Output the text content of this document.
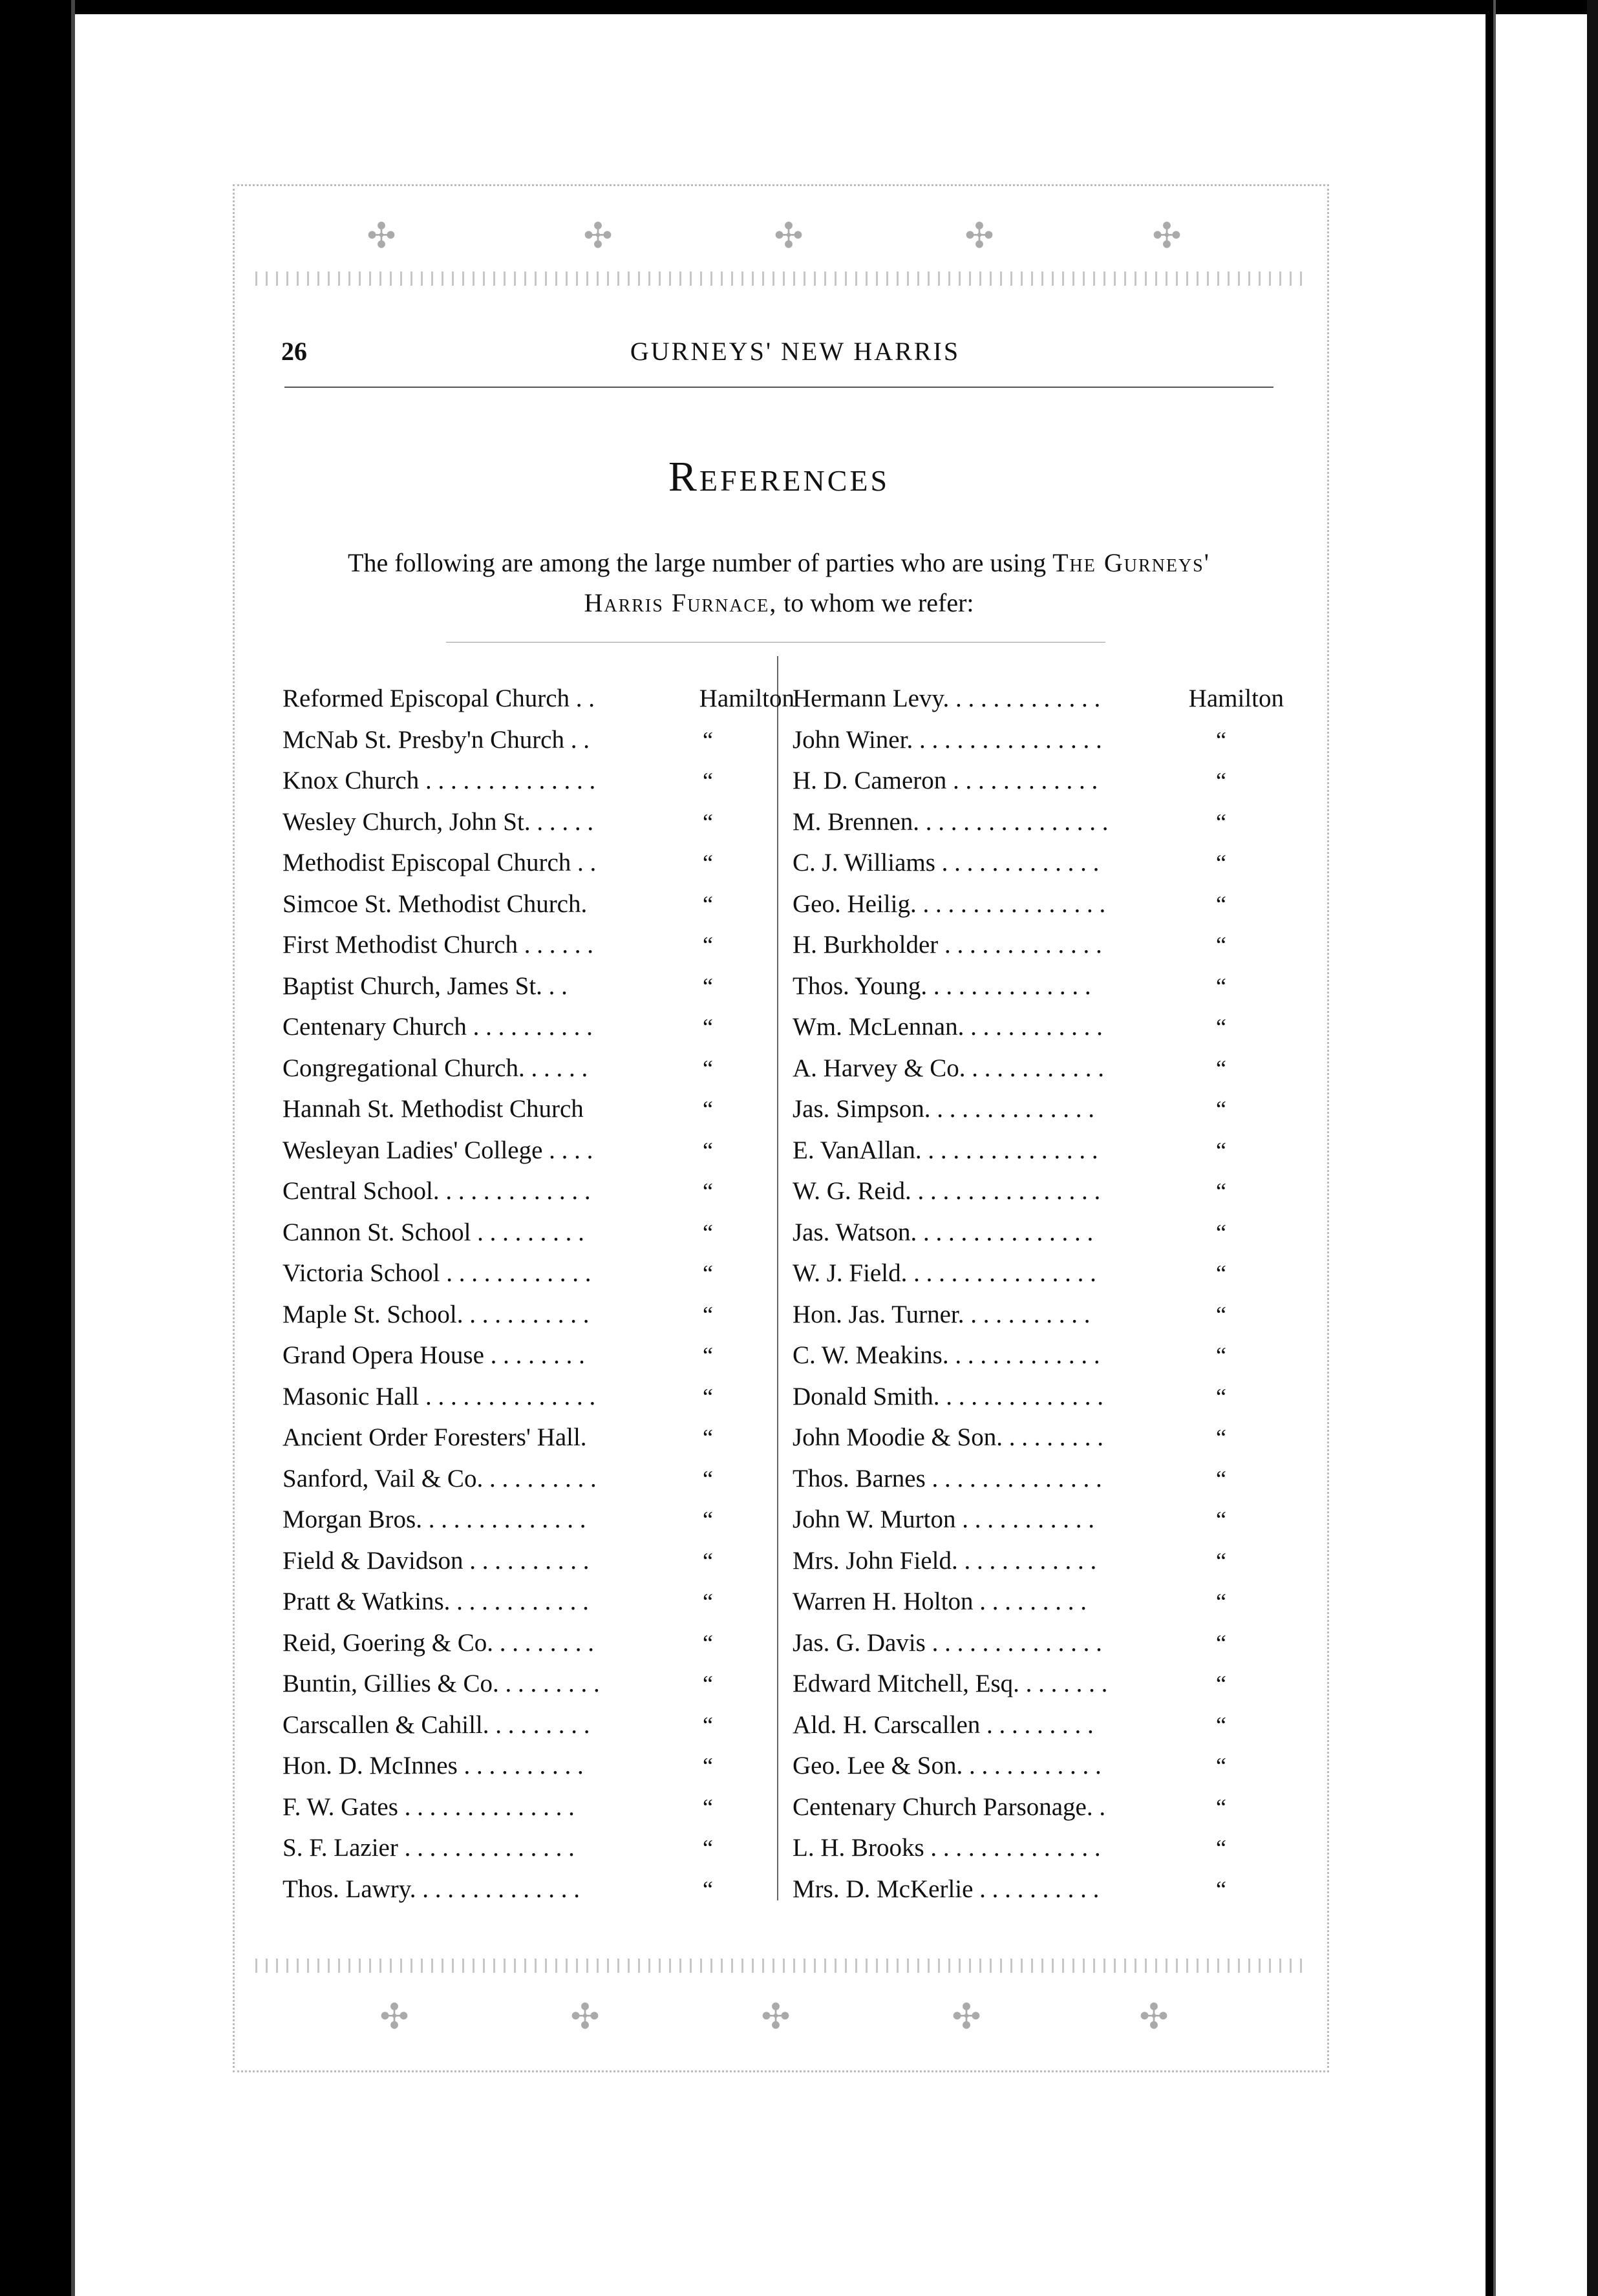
✣	✣	✣	✣	✣
✣	✣	✣	✣	✣
26	GURNEYS' NEW HARRIS
References
The following are among the large number of parties who are using The Gurneys'
Harris Furnace, to whom we refer:
Reformed Episcopal Church . .	Hamilton
McNab St. Presby'n Church . .	“
Knox Church . . . . . . . . . . . . . .	“
Wesley Church, John St. . . . . .	“
Methodist Episcopal Church . .	“
Simcoe St. Methodist Church.	“
First Methodist Church . . . . . .	“
Baptist Church, James St. . .	“
Centenary Church . . . . . . . . . .	“
Congregational Church. . . . . .	“
Hannah St. Methodist Church	“
Wesleyan Ladies' College . . . .	“
Central School. . . . . . . . . . . . .	“
Cannon St. School . . . . . . . . .	“
Victoria School . . . . . . . . . . . .	“
Maple St. School. . . . . . . . . . .	“
Grand Opera House . . . . . . . .	“
Masonic Hall . . . . . . . . . . . . . .	“
Ancient Order Foresters' Hall.	“
Sanford, Vail & Co. . . . . . . . . .	“
Morgan Bros. . . . . . . . . . . . . .	“
Field & Davidson . . . . . . . . . .	“
Pratt & Watkins. . . . . . . . . . . .	“
Reid, Goering & Co. . . . . . . . .	“
Buntin, Gillies & Co. . . . . . . . .	“
Carscallen & Cahill. . . . . . . . .	“
Hon. D. McInnes . . . . . . . . . .	“
F. W. Gates . . . . . . . . . . . . . .	“
S. F. Lazier . . . . . . . . . . . . . .	“
Thos. Lawry. . . . . . . . . . . . . .	“
Hermann Levy. . . . . . . . . . . . .	Hamilton
John Winer. . . . . . . . . . . . . . . .	“
H. D. Cameron . . . . . . . . . . . .	“
M. Brennen. . . . . . . . . . . . . . . .	“
C. J. Williams . . . . . . . . . . . . .	“
Geo. Heilig. . . . . . . . . . . . . . . .	“
H. Burkholder . . . . . . . . . . . . .	“
Thos. Young. . . . . . . . . . . . . .	“
Wm. McLennan. . . . . . . . . . . .	“
A. Harvey & Co. . . . . . . . . . . .	“
Jas. Simpson. . . . . . . . . . . . . .	“
E. VanAllan. . . . . . . . . . . . . . .	“
W. G. Reid. . . . . . . . . . . . . . . .	“
Jas. Watson. . . . . . . . . . . . . . .	“
W. J. Field. . . . . . . . . . . . . . . .	“
Hon. Jas. Turner. . . . . . . . . . .	“
C. W. Meakins. . . . . . . . . . . . .	“
Donald Smith. . . . . . . . . . . . . .	“
John Moodie & Son. . . . . . . . .	“
Thos. Barnes . . . . . . . . . . . . . .	“
John W. Murton . . . . . . . . . . .	“
Mrs. John Field. . . . . . . . . . . .	“
Warren H. Holton . . . . . . . . .	“
Jas. G. Davis . . . . . . . . . . . . . .	“
Edward Mitchell, Esq. . . . . . . .	“
Ald. H. Carscallen . . . . . . . . .	“
Geo. Lee & Son. . . . . . . . . . . .	“
Centenary Church Parsonage. .	“
L. H. Brooks . . . . . . . . . . . . . .	“
Mrs. D. McKerlie . . . . . . . . . .	“
